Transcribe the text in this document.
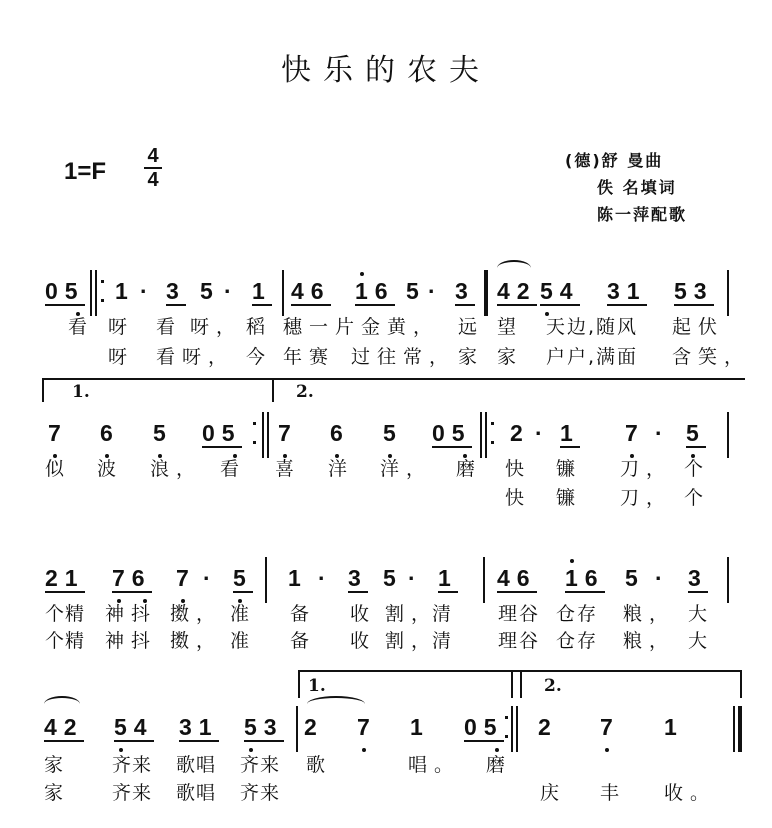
快乐的农夫
1=F
4
4
(德)舒 曼曲
佚 名填词
陈一萍配歌
05 1 · 3 5 · 1 46 16 5 · 3 42 54 31 53
看 呀 看 呀， 稻 穗一片金黄， 远 望 天边,随风 起伏
呀 看呀， 今 年赛 过往常， 家 家 户户,满面 含笑，
1.	2.
7 6 5 05 7 6 5 05 2 · 1 7 · 5
似 波 浪， 看 喜 洋 洋， 磨 快 镰 刀， 个
快 镰 刀， 个
21 76 7 · 5 1 · 3 5 · 1 46 16 5 · 3
个精 神抖 擞， 准 备 收 割，
清 理谷 仓存 粮， 大
个精 神抖 擞， 准 备 收 割，
清 理谷 仓存 粮， 大
1.	2.
42 54 31 53 2 7 1 05 2 7 1
家 齐来 歌唱 齐来 歌	唱。 磨
家 齐来 歌唱 齐来	庆 丰 收。
